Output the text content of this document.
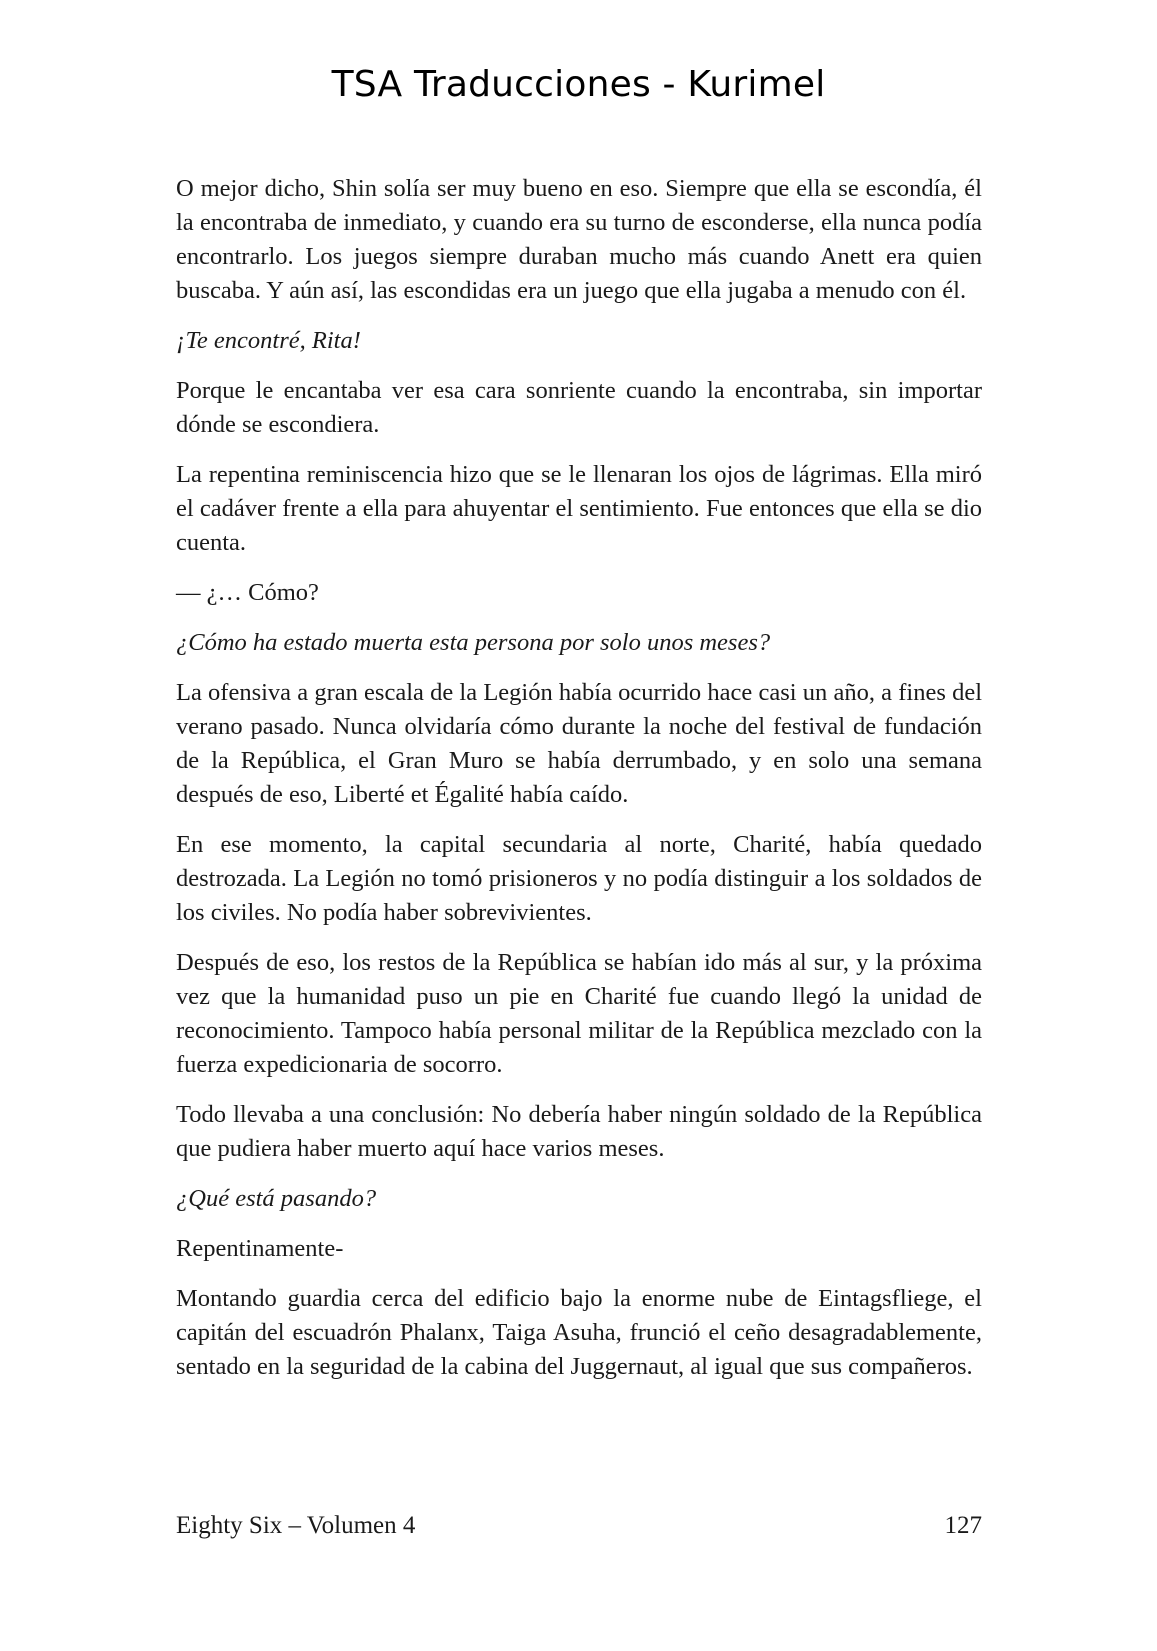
TSA Traducciones - Kurimel

O mejor dicho, Shin solía ser muy bueno en eso. Siempre que ella se escondía, él la encontraba de inmediato, y cuando era su turno de esconderse, ella nunca podía encontrarlo. Los juegos siempre duraban mucho más cuando Anett era quien buscaba. Y aún así, las escondidas era un juego que ella jugaba a menudo con él.

¡Te encontré, Rita!

Porque le encantaba ver esa cara sonriente cuando la encontraba, sin importar dónde se escondiera.

La repentina reminiscencia hizo que se le llenaran los ojos de lágrimas. Ella miró el cadáver frente a ella para ahuyentar el sentimiento. Fue entonces que ella se dio cuenta.

— ¿… Cómo?

¿Cómo ha estado muerta esta persona por solo unos meses?

La ofensiva a gran escala de la Legión había ocurrido hace casi un año, a fines del verano pasado. Nunca olvidaría cómo durante la noche del festival de fundación de la República, el Gran Muro se había derrumbado, y en solo una semana después de eso, Liberté et Égalité había caído.

En ese momento, la capital secundaria al norte, Charité, había quedado destrozada. La Legión no tomó prisioneros y no podía distinguir a los soldados de los civiles. No podía haber sobrevivientes.

Después de eso, los restos de la República se habían ido más al sur, y la próxima vez que la humanidad puso un pie en Charité fue cuando llegó la unidad de reconocimiento. Tampoco había personal militar de la República mezclado con la fuerza expedicionaria de socorro.

Todo llevaba a una conclusión: No debería haber ningún soldado de la República que pudiera haber muerto aquí hace varios meses.

¿Qué está pasando?

Repentinamente-

Montando guardia cerca del edificio bajo la enorme nube de Eintagsfliege, el capitán del escuadrón Phalanx, Taiga Asuha, frunció el ceño desagradablemente, sentado en la seguridad de la cabina del Juggernaut, al igual que sus compañeros.

Eighty Six – Volumen 4	127
